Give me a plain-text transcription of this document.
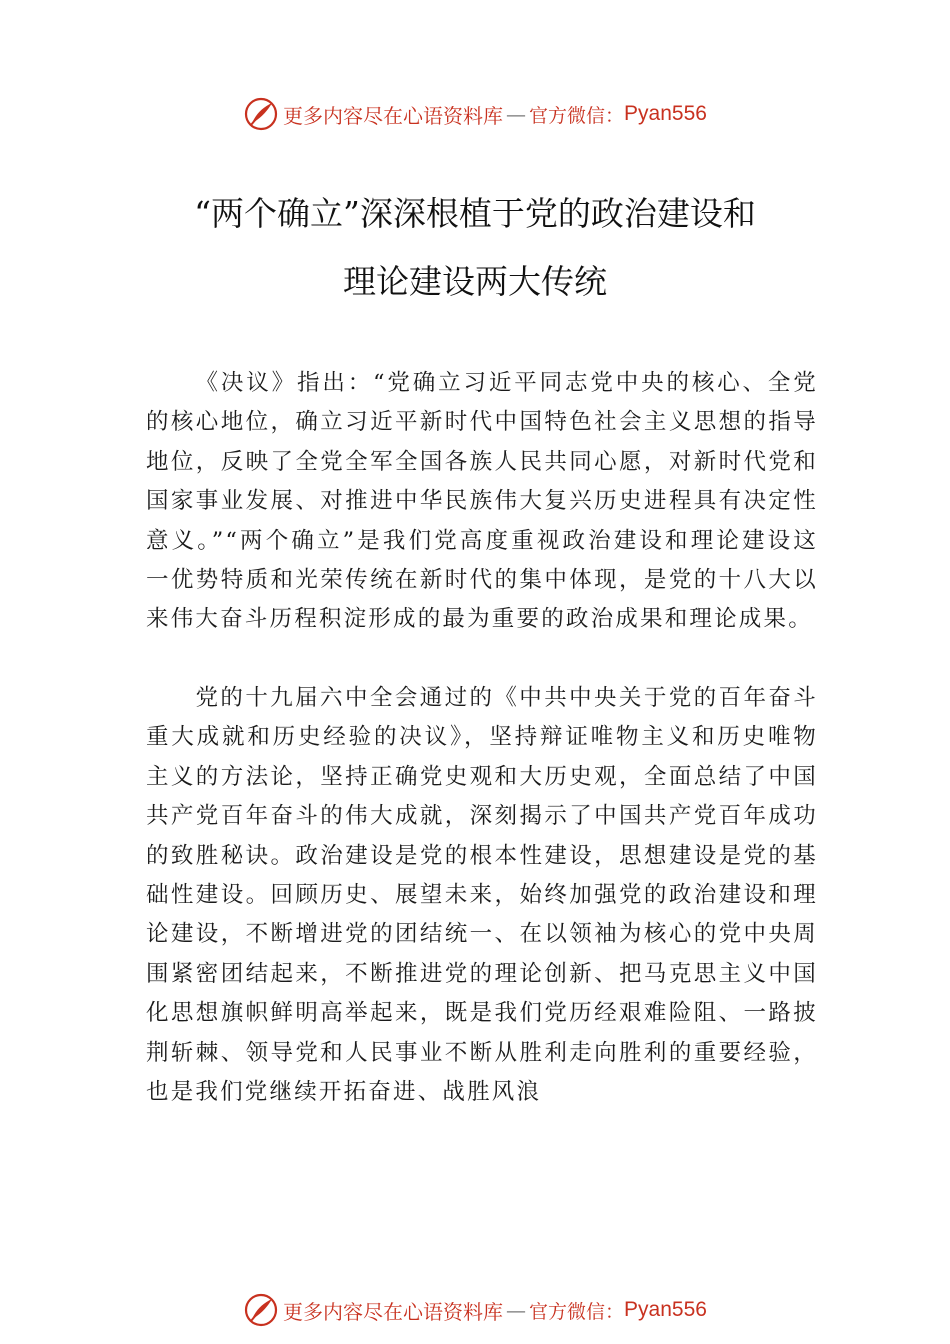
更多内容尽在心语资料库 — 官方微信： Pyan556
“两个确立”深深根植于党的政治建设和
理论建设两大传统

《决议》指出：“党确立习近平同志党中央的核心、全党的核心地位，确立习近平新时代中国特色社会主义思想的指导地位，反映了全党全军全国各族人民共同心愿，对新时代党和国家事业发展、对推进中华民族伟大复兴历史进程具有决定性意义。”“两个确立”是我们党高度重视政治建设和理论建设这一优势特质和光荣传统在新时代的集中体现，是党的十八大以来伟大奋斗历程积淀形成的最为重要的政治成果和理论成果。

党的十九届六中全会通过的《中共中央关于党的百年奋斗重大成就和历史经验的决议》，坚持辩证唯物主义和历史唯物主义的方法论，坚持正确党史观和大历史观，全面总结了中国共产党百年奋斗的伟大成就，深刻揭示了中国共产党百年成功的致胜秘诀。政治建设是党的根本性建设，思想建设是党的基础性建设。回顾历史、展望未来，始终加强党的政治建设和理论建设，不断增进党的团结统一、在以领袖为核心的党中央周围紧密团结起来，不断推进党的理论创新、把马克思主义中国化思想旗帜鲜明高举起来，既是我们党历经艰难险阻、一路披荆斩棘、领导党和人民事业不断从胜利走向胜利的重要经验，也是我们党继续开拓奋进、战胜风浪

更多内容尽在心语资料库 — 官方微信： Pyan556
